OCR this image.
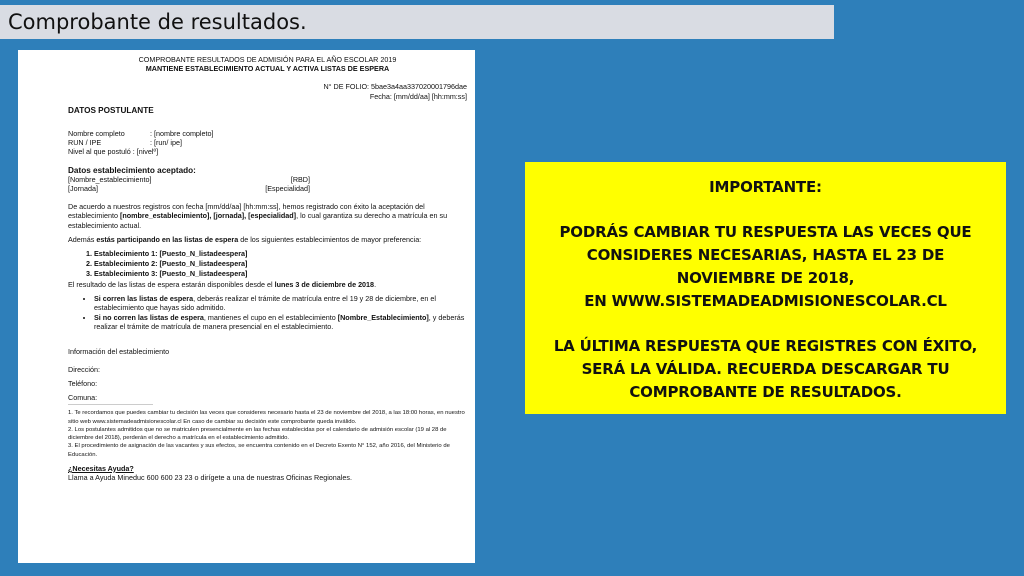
Comprobante de resultados.
COMPROBANTE RESULTADOS DE ADMISIÓN PARA EL AÑO ESCOLAR 2019
MANTIENE ESTABLECIMIENTO ACTUAL Y ACTIVA LISTAS DE ESPERA
N° DE FOLIO: 5bae3a4aa337020001796dae
Fecha: [mm/dd/aa] [hh:mm:ss]
DATOS POSTULANTE
Nombre completo	: [nombre completo]
RUN / IPE	: [run/ ipe]
Nivel al que postuló : [nivelº]
Datos establecimiento aceptado:
[Nombre_establecimiento]	[RBD]
[Jornada]	[Especialidad]
De acuerdo a nuestros registros con fecha [mm/dd/aa] [hh:mm:ss], hemos registrado con éxito la aceptación del establecimiento [nombre_establecimiento], [jornada], [especialidad], lo cual garantiza su derecho a matrícula en su establecimiento actual.
Además estás participando en las listas de espera de los siguientes establecimientos de mayor preferencia:
1. Establecimiento 1: [Puesto_N_listadeespera]
2. Establecimiento 2: [Puesto_N_listadeespera]
3. Establecimiento 3: [Puesto_N_listadeespera]
El resultado de las listas de espera estarán disponibles desde el lunes 3 de diciembre de 2018.
• Si corren las listas de espera, deberás realizar el trámite de matrícula entre el 19 y 28 de diciembre, en el establecimiento que hayas sido admitido.
• Si no corren las listas de espera, mantienes el cupo en el establecimiento [Nombre_Establecimiento], y deberás realizar el trámite de matrícula de manera presencial en el establecimiento.
Información del establecimiento
Dirección:
Teléfono:
Comuna:
1. Te recordamos que puedes cambiar tu decisión las veces que consideres necesario hasta el 23 de noviembre del 2018, a las 18:00 horas, en nuestro sitio web www.sistemadeadmisionescolar.cl En caso de cambiar su decisión este comprobante queda inválido.
2. Los postulantes admitidos que no se matriculen presencialmente en las fechas establecidas por el calendario de admisión escolar (19 al 28 de diciembre del 2018), perderán el derecho a matrícula en el establecimiento admitido.
3. El procedimiento de asignación de las vacantes y sus efectos, se encuentra contenido en el Decreto Exento N° 152, año 2016, del Ministerio de Educación.
¿Necesitas Ayuda?
Llama a Ayuda Mineduc 600 600 23 23 o dirígete a una de nuestras Oficinas Regionales.

IMPORTANTE:

PODRÁS CAMBIAR TU RESPUESTA LAS VECES QUE CONSIDERES NECESARIAS, HASTA EL 23 DE NOVIEMBRE DE 2018,

EN WWW.SISTEMADEADMISIONESCOLAR.CL

LA ÚLTIMA RESPUESTA QUE REGISTRES CON ÉXITO, SERÁ LA VÁLIDA. RECUERDA DESCARGAR TU COMPROBANTE DE RESULTADOS.
